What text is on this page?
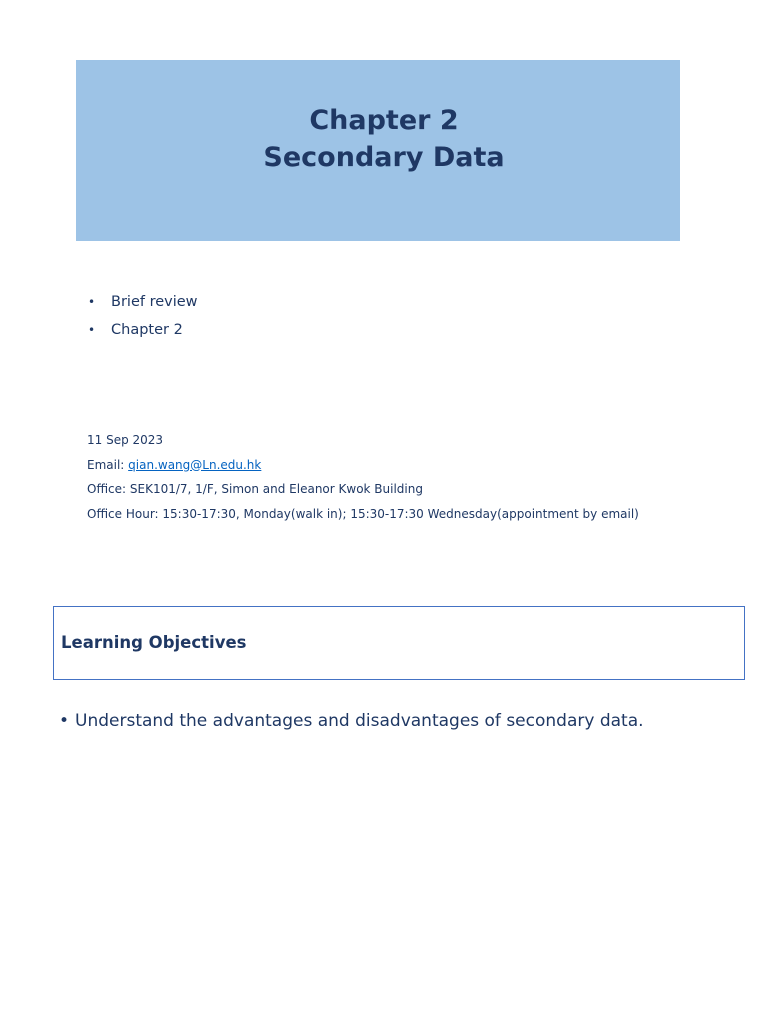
Chapter 2
Secondary Data
• Brief review
• Chapter 2
11 Sep 2023
Email: qian.wang@Ln.edu.hk
Office: SEK101/7, 1/F, Simon and Eleanor Kwok Building
Office Hour: 15:30-17:30, Monday(walk in); 15:30-17:30 Wednesday(appointment by email)
Learning Objectives
• Understand the advantages and disadvantages of secondary data.
